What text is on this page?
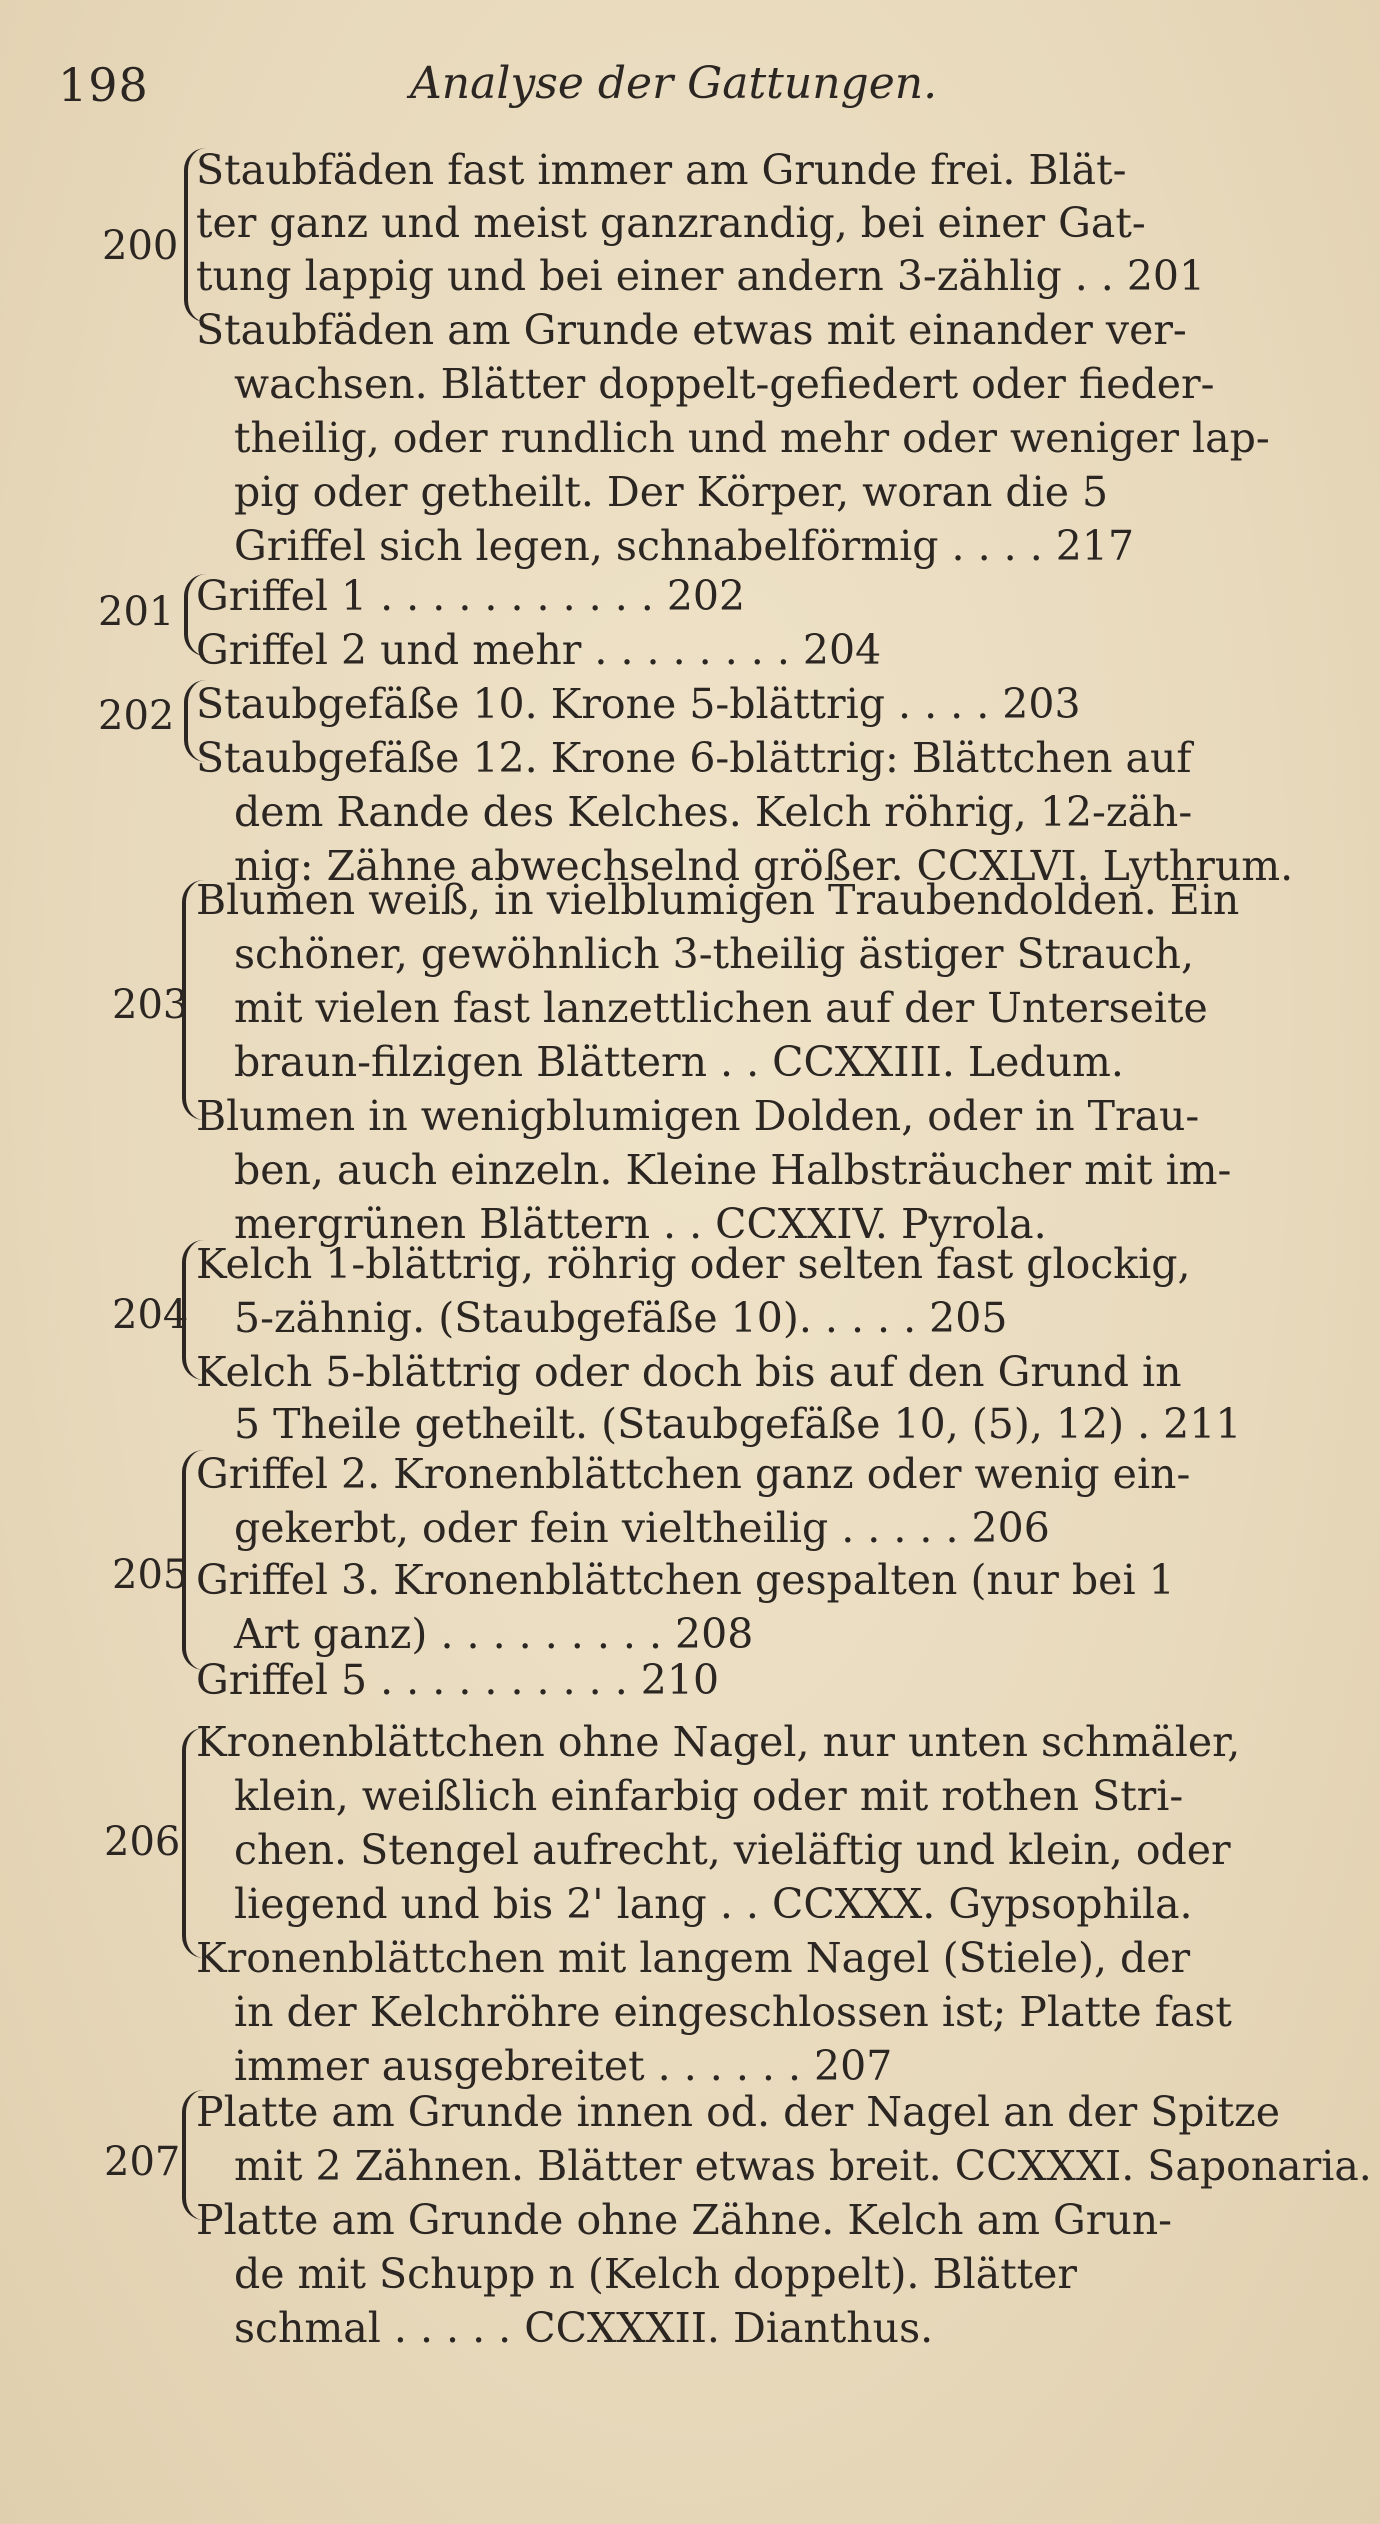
198	Analyse der Gattungen.
200
201
202
203
204
205
206
207
Staubfäden fast immer am Grunde frei. Blät-
ter ganz und meist ganzrandig, bei einer Gat-
tung lappig und bei einer andern 3-zählig . . 201
Staubfäden am Grunde etwas mit einander ver-
wachsen. Blätter doppelt-gefiedert oder fieder-
theilig, oder rundlich und mehr oder weniger lap-
pig oder getheilt. Der Körper, woran die 5
Griffel sich legen, schnabelförmig . . . . 217
Griffel 1 . . . . . . . . . . . 202
Griffel 2 und mehr . . . . . . . . 204
Staubgefäße 10. Krone 5-blättrig . . . . 203
Staubgefäße 12. Krone 6-blättrig: Blättchen auf
dem Rande des Kelches. Kelch röhrig, 12-zäh-
nig: Zähne abwechselnd größer. CCXLVI. Lythrum.
Blumen weiß, in vielblumigen Traubendolden. Ein
schöner, gewöhnlich 3-theilig ästiger Strauch,
mit vielen fast lanzettlichen auf der Unterseite
braun-filzigen Blättern . . CCXXIII. Ledum.
Blumen in wenigblumigen Dolden, oder in Trau-
ben, auch einzeln. Kleine Halbsträucher mit im-
mergrünen Blättern . . CCXXIV. Pyrola.
Kelch 1-blättrig, röhrig oder selten fast glockig,
5-zähnig. (Staubgefäße 10). . . . . 205
Kelch 5-blättrig oder doch bis auf den Grund in
5 Theile getheilt. (Staubgefäße 10, (5), 12) . 211
Griffel 2. Kronenblättchen ganz oder wenig ein-
gekerbt, oder fein vieltheilig . . . . . 206
Griffel 3. Kronenblättchen gespalten (nur bei 1
Art ganz) . . . . . . . . . 208
Griffel 5 . . . . . . . . . . 210
Kronenblättchen ohne Nagel, nur unten schmäler,
klein, weißlich einfarbig oder mit rothen Stri-
chen. Stengel aufrecht, vieläftig und klein, oder
liegend und bis 2' lang . . CCXXX. Gypsophila.
Kronenblättchen mit langem Nagel (Stiele), der
in der Kelchröhre eingeschlossen ist; Platte fast
immer ausgebreitet . . . . . . 207
Platte am Grunde innen od. der Nagel an der Spitze
mit 2 Zähnen. Blätter etwas breit. CCXXXI. Saponaria.
Platte am Grunde ohne Zähne. Kelch am Grun-
de mit Schupp n (Kelch doppelt). Blätter
schmal . . . . . CCXXXII. Dianthus.
